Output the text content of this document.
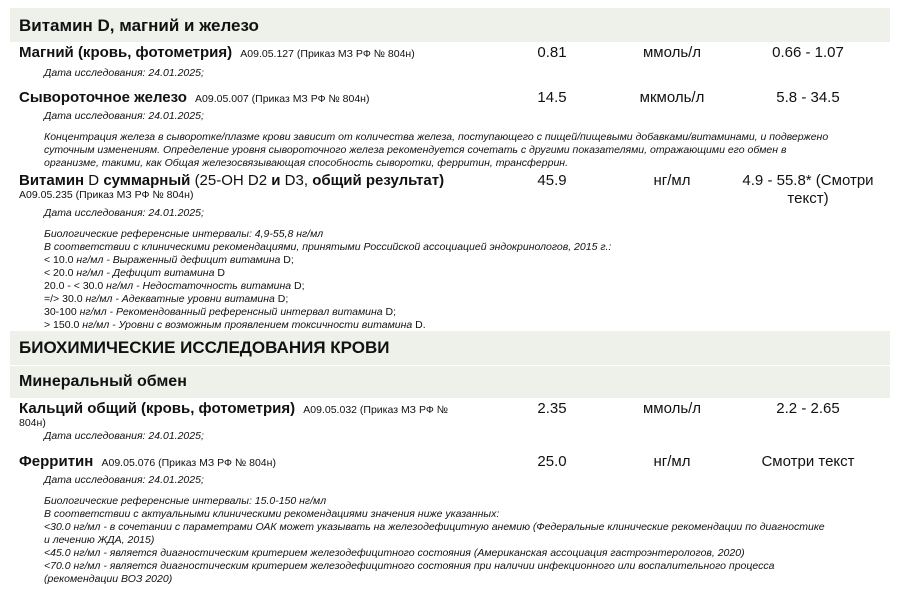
Витамин D, магний и железо
Магний (кровь, фотометрия) A09.05.127 (Приказ МЗ РФ № 804н)	0.81	ммоль/л	0.66 - 1.07
Дата исследования: 24.01.2025;
Сывороточное железо A09.05.007 (Приказ МЗ РФ № 804н)	14.5	мкмоль/л	5.8 - 34.5
Дата исследования: 24.01.2025;
Концентрация железа в сыворотке/плазме крови зависит от количества железа, поступающего с пищей/пищевыми добавками/витаминами, и подвержено
суточным изменениям. Определение уровня сывороточного железа рекомендуется сочетать с другими показателями, отражающими его обмен в
организме, такими, как Общая железосвязывающая способность сыворотки, ферритин, трансферрин.
Витамин D суммарный (25-OH D2 и D3, общий результат)
A09.05.235 (Приказ МЗ РФ № 804н)
45.9	нг/мл	4.9 - 55.8* (Смотри
текст)
Дата исследования: 24.01.2025;
Биологические референсные интервалы: 4,9-55,8 нг/мл
В соответствии с клиническими рекомендациями, принятыми Российской ассоциацией эндокринологов, 2015 г.:
< 10.0 нг/мл - Выраженный дефицит витамина D;
< 20.0 нг/мл - Дефицит витамина D
20.0 - < 30.0 нг/мл - Недостаточность витамина D;
=/> 30.0 нг/мл - Адекватные уровни витамина D;
30-100 нг/мл - Рекомендованный референсный интервал витамина D;
> 150.0 нг/мл - Уровни с возможным проявлением токсичности витамина D.
БИОХИМИЧЕСКИЕ ИССЛЕДОВАНИЯ КРОВИ
Минеральный обмен
Кальций общий (кровь, фотометрия) A09.05.032 (Приказ МЗ РФ №
804н)
2.35	ммоль/л	2.2 - 2.65
Дата исследования: 24.01.2025;
Ферритин A09.05.076 (Приказ МЗ РФ № 804н)	25.0	нг/мл	Смотри текст
Дата исследования: 24.01.2025;
Биологические референсные интервалы: 15.0-150 нг/мл
В соответствии с актуальными клиническими рекомендациями значения ниже указанных:
<30.0 нг/мл - в сочетании с параметрами ОАК может указывать на железодефицитную анемию (Федеральные клинические рекомендации по диагностике
и лечению ЖДА, 2015)
<45.0 нг/мл - является диагностическим критерием железодефицитного состояния (Американская ассоциация гастроэнтерологов, 2020)
<70.0 нг/мл - является диагностическим критерием железодефицитного состояния при наличии инфекционного или воспалительного процесса
(рекомендации ВОЗ 2020)
